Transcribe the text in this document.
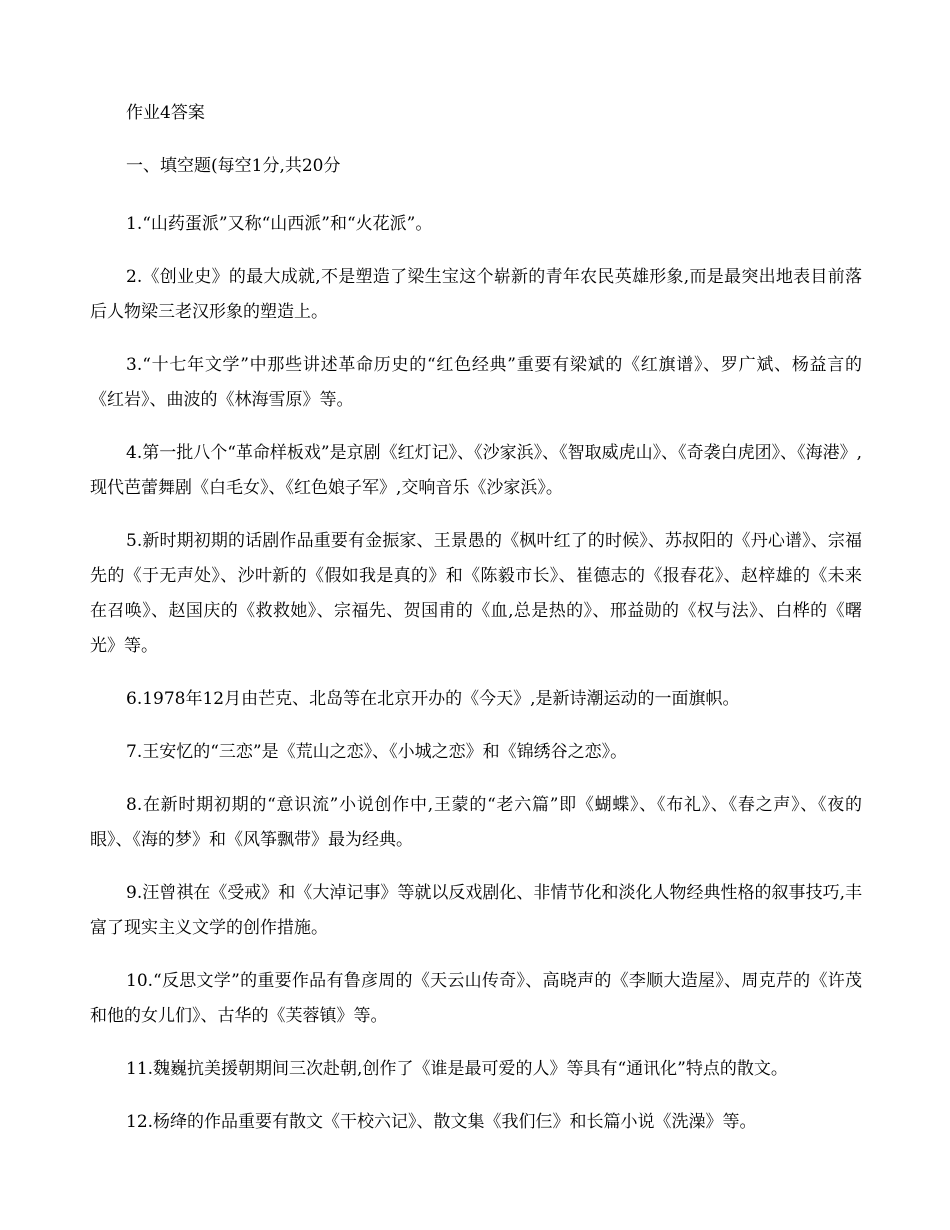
作业4答案
一、填空题(每空1分,共20分

1.“山药蛋派”又称“山西派”和“火花派”。

2.《创业史》的最大成就,不是塑造了梁生宝这个崭新的青年农民英雄形象,而是最突出地表目前落后人物梁三老汉形象的塑造上。

3.“十七年文学”中那些讲述革命历史的“红色经典”重要有梁斌的《红旗谱》、罗广斌、杨益言的《红岩》、曲波的《林海雪原》等。

4.第一批八个“革命样板戏”是京剧《红灯记》、《沙家浜》、《智取威虎山》、《奇袭白虎团》、《海港》,现代芭蕾舞剧《白毛女》、《红色娘子军》,交响音乐《沙家浜》。

5.新时期初期的话剧作品重要有金振家、王景愚的《枫叶红了的时候》、苏叔阳的《丹心谱》、宗福先的《于无声处》、沙叶新的《假如我是真的》和《陈毅市长》、崔德志的《报春花》、赵梓雄的《未来在召唤》、赵国庆的《救救她》、宗福先、贺国甫的《血,总是热的》、邢益勋的《权与法》、白桦的《曙光》等。

6.1978年12月由芒克、北岛等在北京开办的《今天》,是新诗潮运动的一面旗帜。

7.王安忆的“三恋”是《荒山之恋》、《小城之恋》和《锦绣谷之恋》。

8.在新时期初期的“意识流”小说创作中,王蒙的“老六篇”即《蝴蝶》、《布礼》、《春之声》、《夜的眼》、《海的梦》和《风筝飘带》最为经典。

9.汪曾祺在《受戒》和《大淖记事》等就以反戏剧化、非情节化和淡化人物经典性格的叙事技巧,丰富了现实主义文学的创作措施。

10.“反思文学”的重要作品有鲁彦周的《天云山传奇》、高晓声的《李顺大造屋》、周克芹的《许茂和他的女儿们》、古华的《芙蓉镇》等。

11.魏巍抗美援朝期间三次赴朝,创作了《谁是最可爱的人》等具有“通讯化”特点的散文。

12.杨绛的作品重要有散文《干校六记》、散文集《我们仨》和长篇小说《洗澡》等。
